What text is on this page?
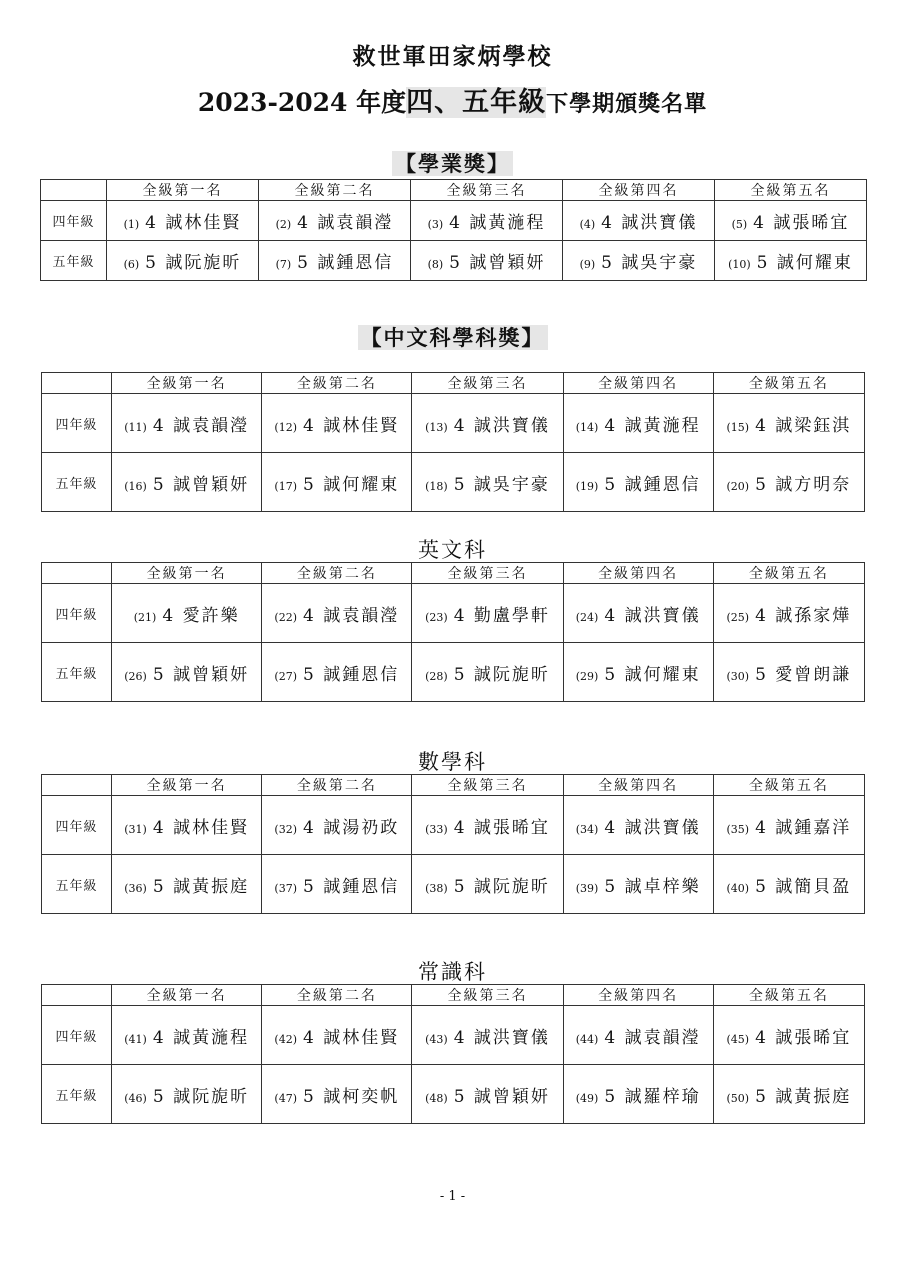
救世軍田家炳學校
2023-2024 年度四、五年級下學期頒獎名單
【學業獎】
	全級第一名	全級第二名	全級第三名	全級第四名	全級第五名
四年級	(1) 4 誠林佳賢	(2) 4 誠袁韻瀅	(3) 4 誠黃湤程	(4) 4 誠洪寶儀	(5) 4 誠張晞宜
五年級	(6) 5 誠阮旎昕	(7) 5 誠鍾恩信	(8) 5 誠曾穎妍	(9) 5 誠吳宇豪	(10) 5 誠何耀東
【中文科學科獎】
	全級第一名	全級第二名	全級第三名	全級第四名	全級第五名
四年級	(11) 4 誠袁韻瀅	(12) 4 誠林佳賢	(13) 4 誠洪寶儀	(14) 4 誠黃湤程	(15) 4 誠梁鈺淇
五年級	(16) 5 誠曾穎妍	(17) 5 誠何耀東	(18) 5 誠吳宇豪	(19) 5 誠鍾恩信	(20) 5 誠方明奈
英文科
	全級第一名	全級第二名	全級第三名	全級第四名	全級第五名
四年級	(21) 4 愛許樂	(22) 4 誠袁韻瀅	(23) 4 勤盧學軒	(24) 4 誠洪寶儀	(25) 4 誠孫家燁
五年級	(26) 5 誠曾穎妍	(27) 5 誠鍾恩信	(28) 5 誠阮旎昕	(29) 5 誠何耀東	(30) 5 愛曾朗謙
數學科
	全級第一名	全級第二名	全級第三名	全級第四名	全級第五名
四年級	(31) 4 誠林佳賢	(32) 4 誠湯礽政	(33) 4 誠張晞宜	(34) 4 誠洪寶儀	(35) 4 誠鍾嘉洋
五年級	(36) 5 誠黃振庭	(37) 5 誠鍾恩信	(38) 5 誠阮旎昕	(39) 5 誠卓梓樂	(40) 5 誠簡貝盈
常識科
	全級第一名	全級第二名	全級第三名	全級第四名	全級第五名
四年級	(41) 4 誠黃湤程	(42) 4 誠林佳賢	(43) 4 誠洪寶儀	(44) 4 誠袁韻瀅	(45) 4 誠張晞宜
五年級	(46) 5 誠阮旎昕	(47) 5 誠柯奕帆	(48) 5 誠曾穎妍	(49) 5 誠羅梓瑜	(50) 5 誠黃振庭
- 1 -
